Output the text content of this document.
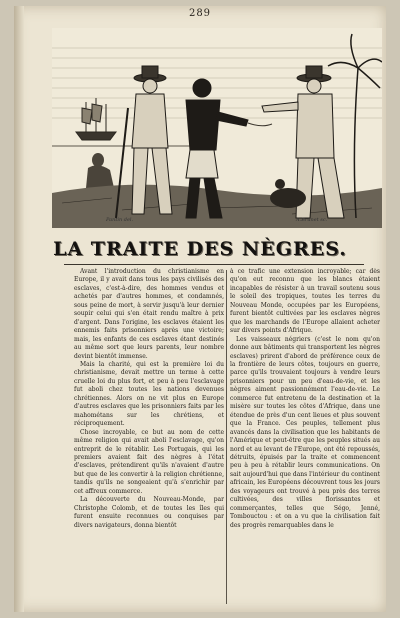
289
Pantin del.	A.Brunet sc.
LA TRAITE DES NÈGRES.

Avant l'introduction du christianisme en Europe, il y avait dans tous les pays civilisés des esclaves, c'est-à-dire, des hommes vendus et achetés par d'autres hommes, et condamnés, sous peine de mort, à servir jusqu'à leur dernier soupir celui qui s'en était rendu maître à prix d'argent. Dans l'origine, les esclaves étaient les ennemis faits prisonniers après une victoire; mais, les enfants de ces esclaves étant destinés au même sort que leurs parents, leur nombre devint bientôt immense.

Mais la charité, qui est la première loi du christianisme, devait mettre un terme à cette cruelle loi du plus fort, et peu à peu l'esclavage fut aboli chez toutes les nations devenues chrétiennes. Alors on ne vit plus en Europe d'autres esclaves que les prisonniers faits par les mahométans sur les chrétiens, et réciproquement.

Chose incroyable, ce but au nom de cette même religion qui avait aboli l'esclavage, qu'on entreprit de le rétablir. Les Portugais, qui les premiers avaient fait des nègres à l'état d'esclaves, prétendirent qu'ils n'avaient d'autre but que de les convertir à la religion chrétienne, tandis qu'ils ne songeaient qu'à s'enrichir par cet affreux commerce.

La découverte du Nouveau-Monde, par Christophe Colomb, et de toutes les îles qui furent ensuite reconnues ou conquises par divers navigateurs, donna bientôt

à ce trafic une extension incroyable; car dès qu'on eut reconnu que les blancs étaient incapables de résister à un travail soutenu sous le soleil des tropiques, toutes les terres du Nouveau Monde, occupées par les Européens, furent bientôt cultivées par les esclaves nègres que les marchands de l'Europe allaient acheter sur divers points d'Afrique.

Les vaisseaux négriers (c'est le nom qu'on donne aux bâtiments qui transportent les nègres esclaves) prirent d'abord de préférence ceux de la frontière de leurs côtes, toujours en guerre, parce qu'ils trouvaient toujours à vendre leurs prisonniers pour un peu d'eau-de-vie, et les nègres aiment passionnément l'eau-de-vie. Le commerce fut entretenu de la destination et la misère sur toutes les côtes d'Afrique, dans une étendue de près d'un cent lieues et plus souvent que la France. Ces peuples, tellement plus avancés dans la civilisation que les habitants de l'Amérique et peut-être que les peuples situés au nord et au levant de l'Europe, ont été repoussés, détruits, épuisés par la traite et commencent peu à peu à rétablir leurs communications. On sait aujourd'hui que dans l'intérieur du continent africain, les Européens découvrent tous les jours des voyageurs ont trouvé à peu près des terres cultivées, des villes florissantes et commerçantes, telles que Ségo, Jenné, Tombouctou : et on a vu que la civilisation fait des progrès remarquables dans le
